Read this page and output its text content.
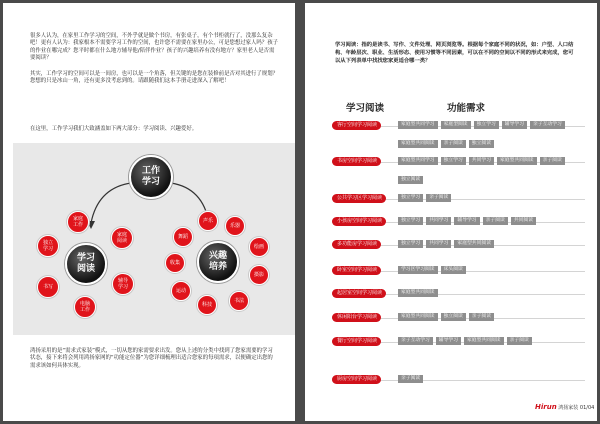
很多人认为，在家里工作学习的空间，不外乎就是做个书房，有张桌子，有个书柜就行了，没那么复杂吧！更有人认为：我家根本不需要学习工作的空间，也许您不需要在家里办公，可是您想过家人吗？孩子的作业在哪完成？您平时都在什么地方辅导他/陪伴作业？孩子的兴趣培养有没有地方？家里老人是否需要阅读？

其实，工作学习的空间可以是一间房，也可以是一个角落，但关键的是您在装修前是否对其进行了规划？您想的只是冰山一角，还有更多没考虑到的。请跟随我们这本手册走进深入了解吧！

在这里，工作学习我们大致涵盖如下两大部分：学习阅读、兴趣爱好。

工作
学习
学习
阅读
兴趣
培养
家庭
工作
家庭
阅读
独立
学习
书写
辅导
学习
电脑
工作
声乐
乐器
舞蹈
绘画
收集
摄影
运动
科技
书法

鸿扬采用的是“需求式家装”模式，一切从您的家需要求出发。您从上述的分类中找到了您家需要的学习状态，接下来将会列用鸿扬家网的“功能定位器”为您详细梳理出适合您家的每项需求，以便确定出您的需求该如何具体实现。

学习阅读：指的是读书、写作、文件处理、网页浏览等。根据每个家庭不同的状况，如：户型、人口结构、年龄层次、职业、生活形态、使用习惯等不同因素，可以在不同的空间以不同的形式来完成，您可以从下列表单中找找您家更适合哪一类？
学习阅读	功能需求
客厅空间学习阅读	家庭型共同学习 家庭型阅读 独立学习 辅导学习 亲子互动学习家庭型共同阅读 亲子阅读 独立阅读
书房空间学习阅读	家庭型共同学习 独立学习 共同学习 家庭型共同阅读 亲子阅读独立阅读
公共学习区学习阅读	独立学习 亲子阅读
小孩房空间学习阅读	独立学习 共同学习 辅导学习 亲子阅读 共同阅读
多功能房学习阅读	独立学习 共同学习 家庭型共同阅读
卧室空间学习阅读	学习区学习阅读 床头阅读
起居室空间学习阅读	家庭型共同阅读
休闲阳台学习阅读	家庭型共同阅读 独立阅读 亲子阅读
餐厅空间学习阅读	亲子互动学习 辅导学习 家庭型共同阅读 亲子阅读
厨房空间学习阅读	亲子阅读
Hirun 鸿扬家装 01/04
